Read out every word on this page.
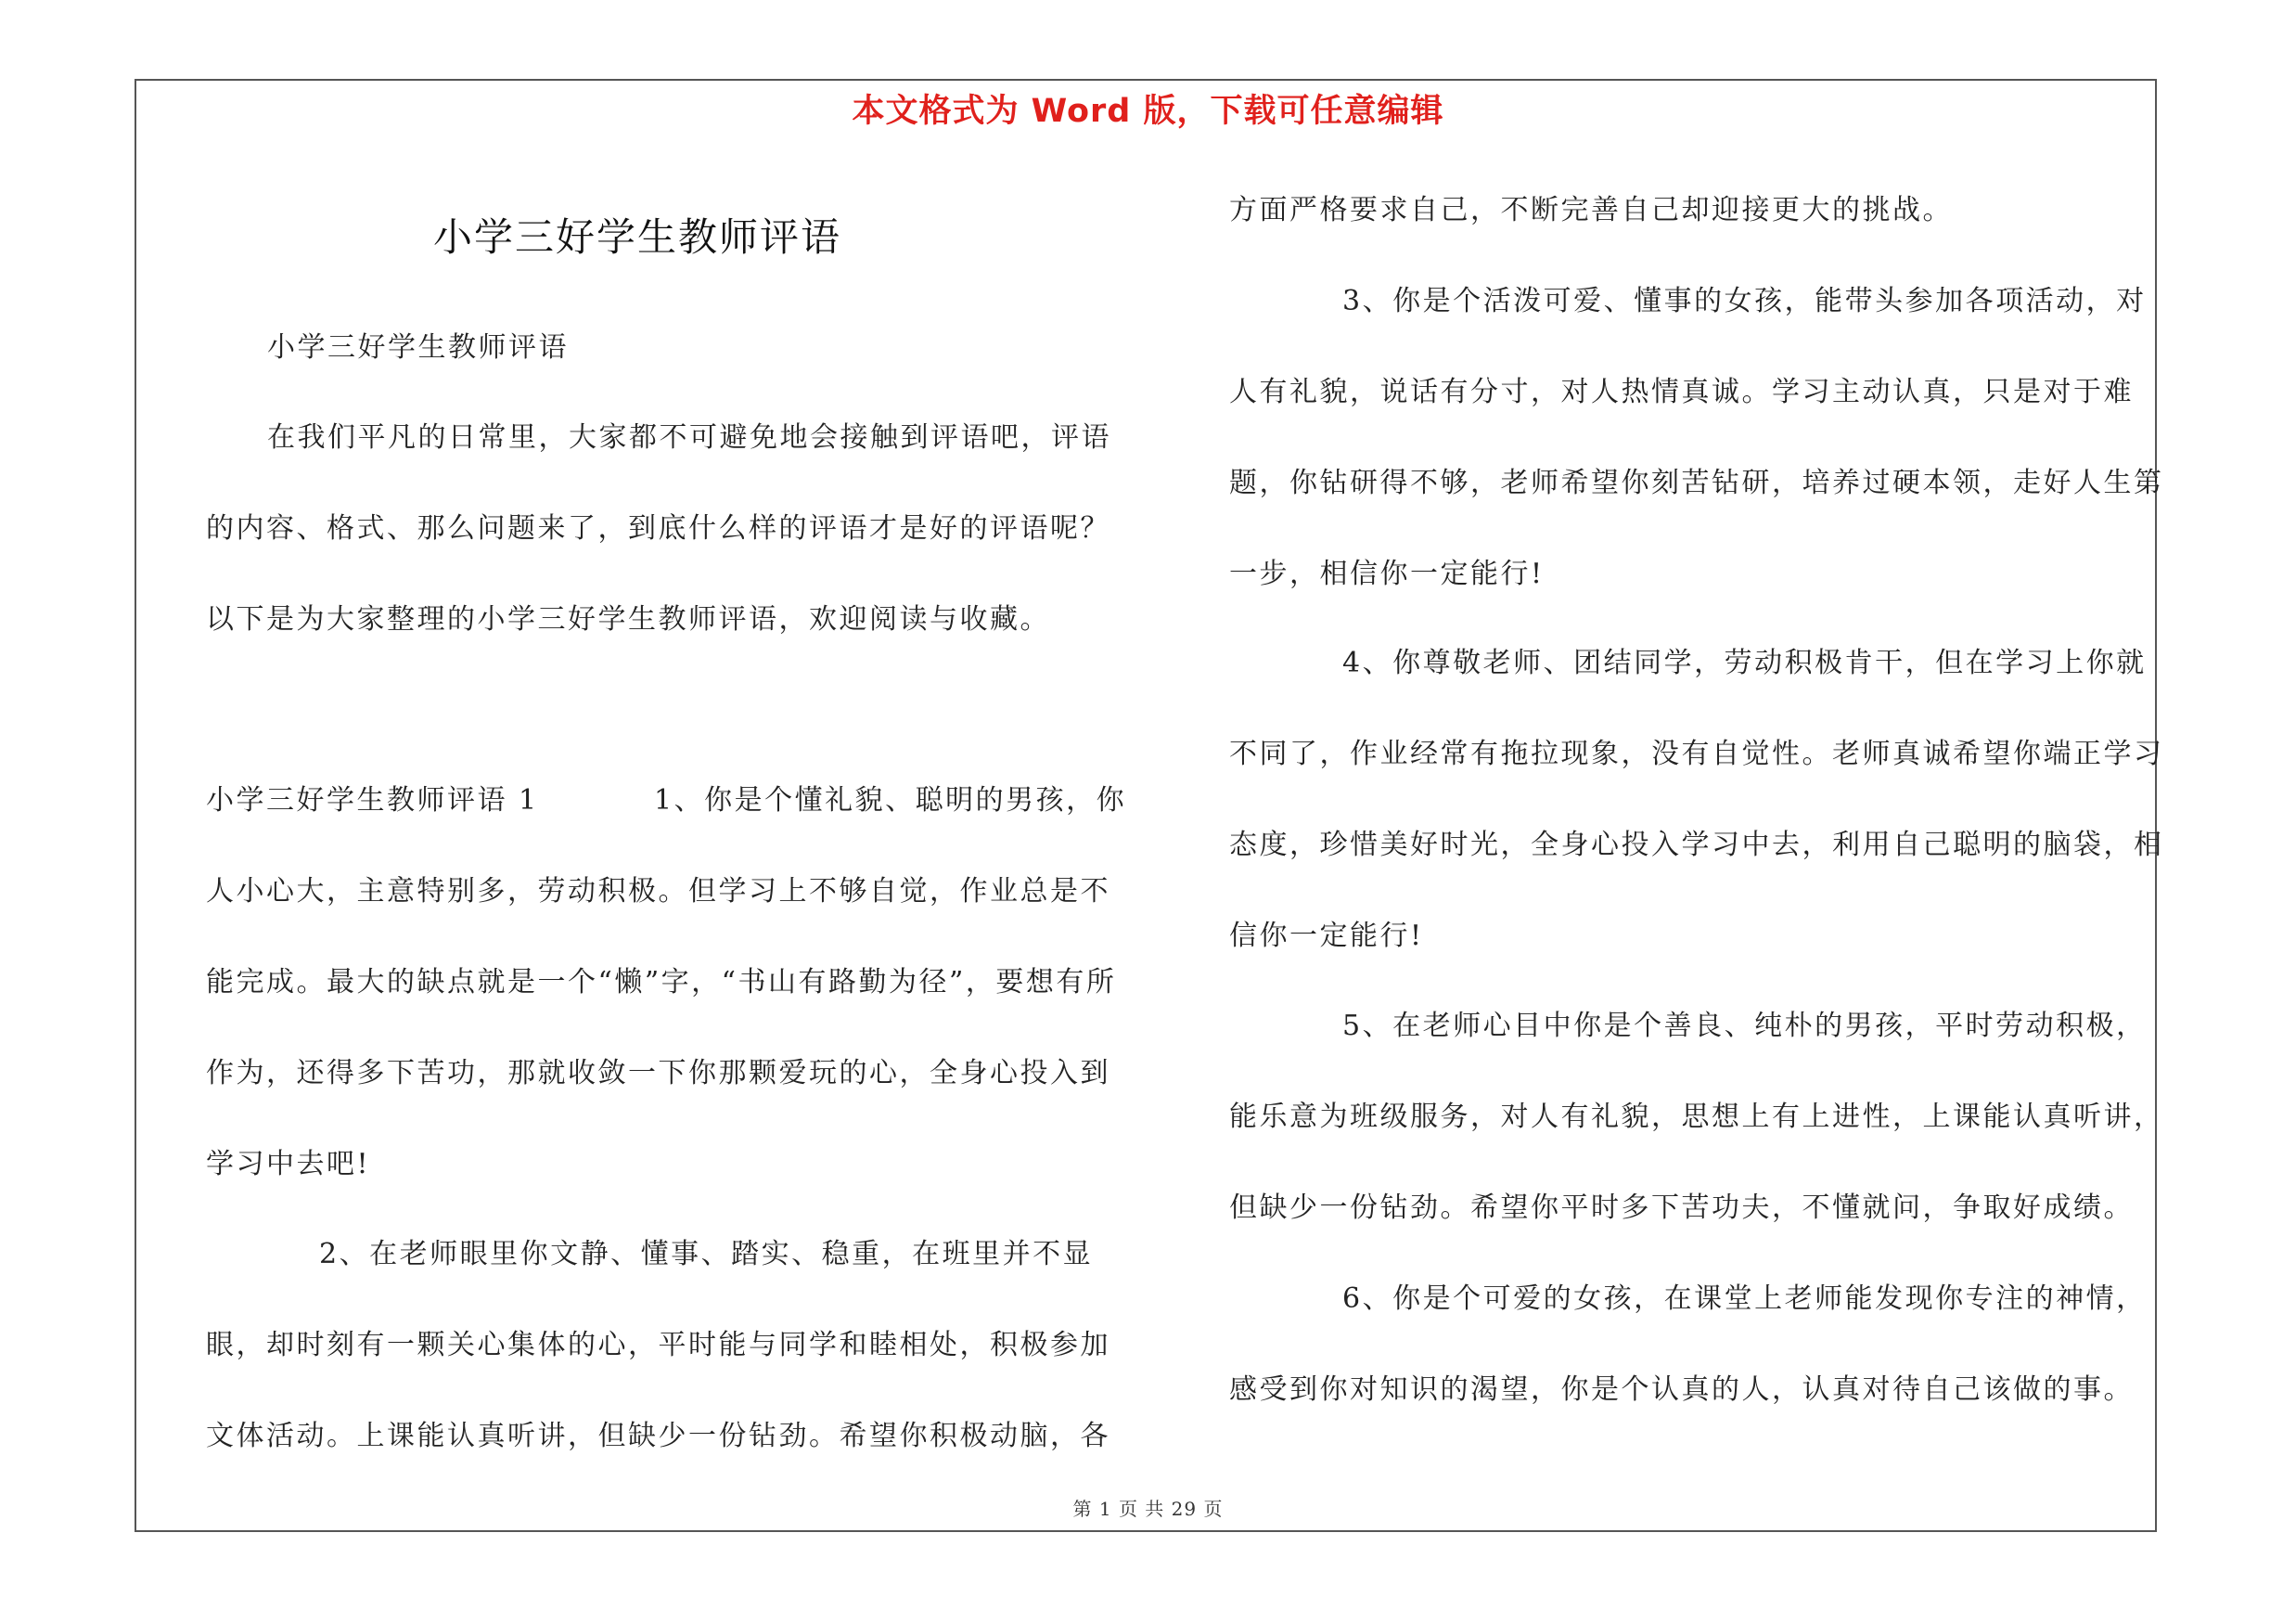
本文格式为 Word 版，下载可任意编辑
小学三好学生教师评语

小学三好学生教师评语

在我们平凡的日常里，大家都不可避免地会接触到评语吧，评语的内容、格式、那么问题来了，到底什么样的评语才是好的评语呢？以下是为大家整理的小学三好学生教师评语，欢迎阅读与收藏。

小学三好学生教师评语 1	1、你是个懂礼貌、聪明的男孩，你人小心大，主意特别多，劳动积极。但学习上不够自觉，作业总是不能完成。最大的缺点就是一个“懒”字，“书山有路勤为径”，要想有所作为，还得多下苦功，那就收敛一下你那颗爱玩的心，全身心投入到学习中去吧!

2、在老师眼里你文静、懂事、踏实、稳重，在班里并不显眼，却时刻有一颗关心集体的心，平时能与同学和睦相处，积极参加文体活动。上课能认真听讲，但缺少一份钻劲。希望你积极动脑，各

方面严格要求自己，不断完善自己却迎接更大的挑战。

3、你是个活泼可爱、懂事的女孩，能带头参加各项活动，对人有礼貌，说话有分寸，对人热情真诚。学习主动认真，只是对于难题，你钻研得不够，老师希望你刻苦钻研，培养过硬本领，走好人生第一步，相信你一定能行!

4、你尊敬老师、团结同学，劳动积极肯干，但在学习上你就不同了，作业经常有拖拉现象，没有自觉性。老师真诚希望你端正学习态度，珍惜美好时光，全身心投入学习中去，利用自己聪明的脑袋，相信你一定能行!

5、在老师心目中你是个善良、纯朴的男孩，平时劳动积极，能乐意为班级服务，对人有礼貌，思想上有上进性，上课能认真听讲，但缺少一份钻劲。希望你平时多下苦功夫，不懂就问，争取好成绩。

6、你是个可爱的女孩，在课堂上老师能发现你专注的神情，感受到你对知识的渴望，你是个认真的人，认真对待自己该做的事。

第 1 页 共 29 页
